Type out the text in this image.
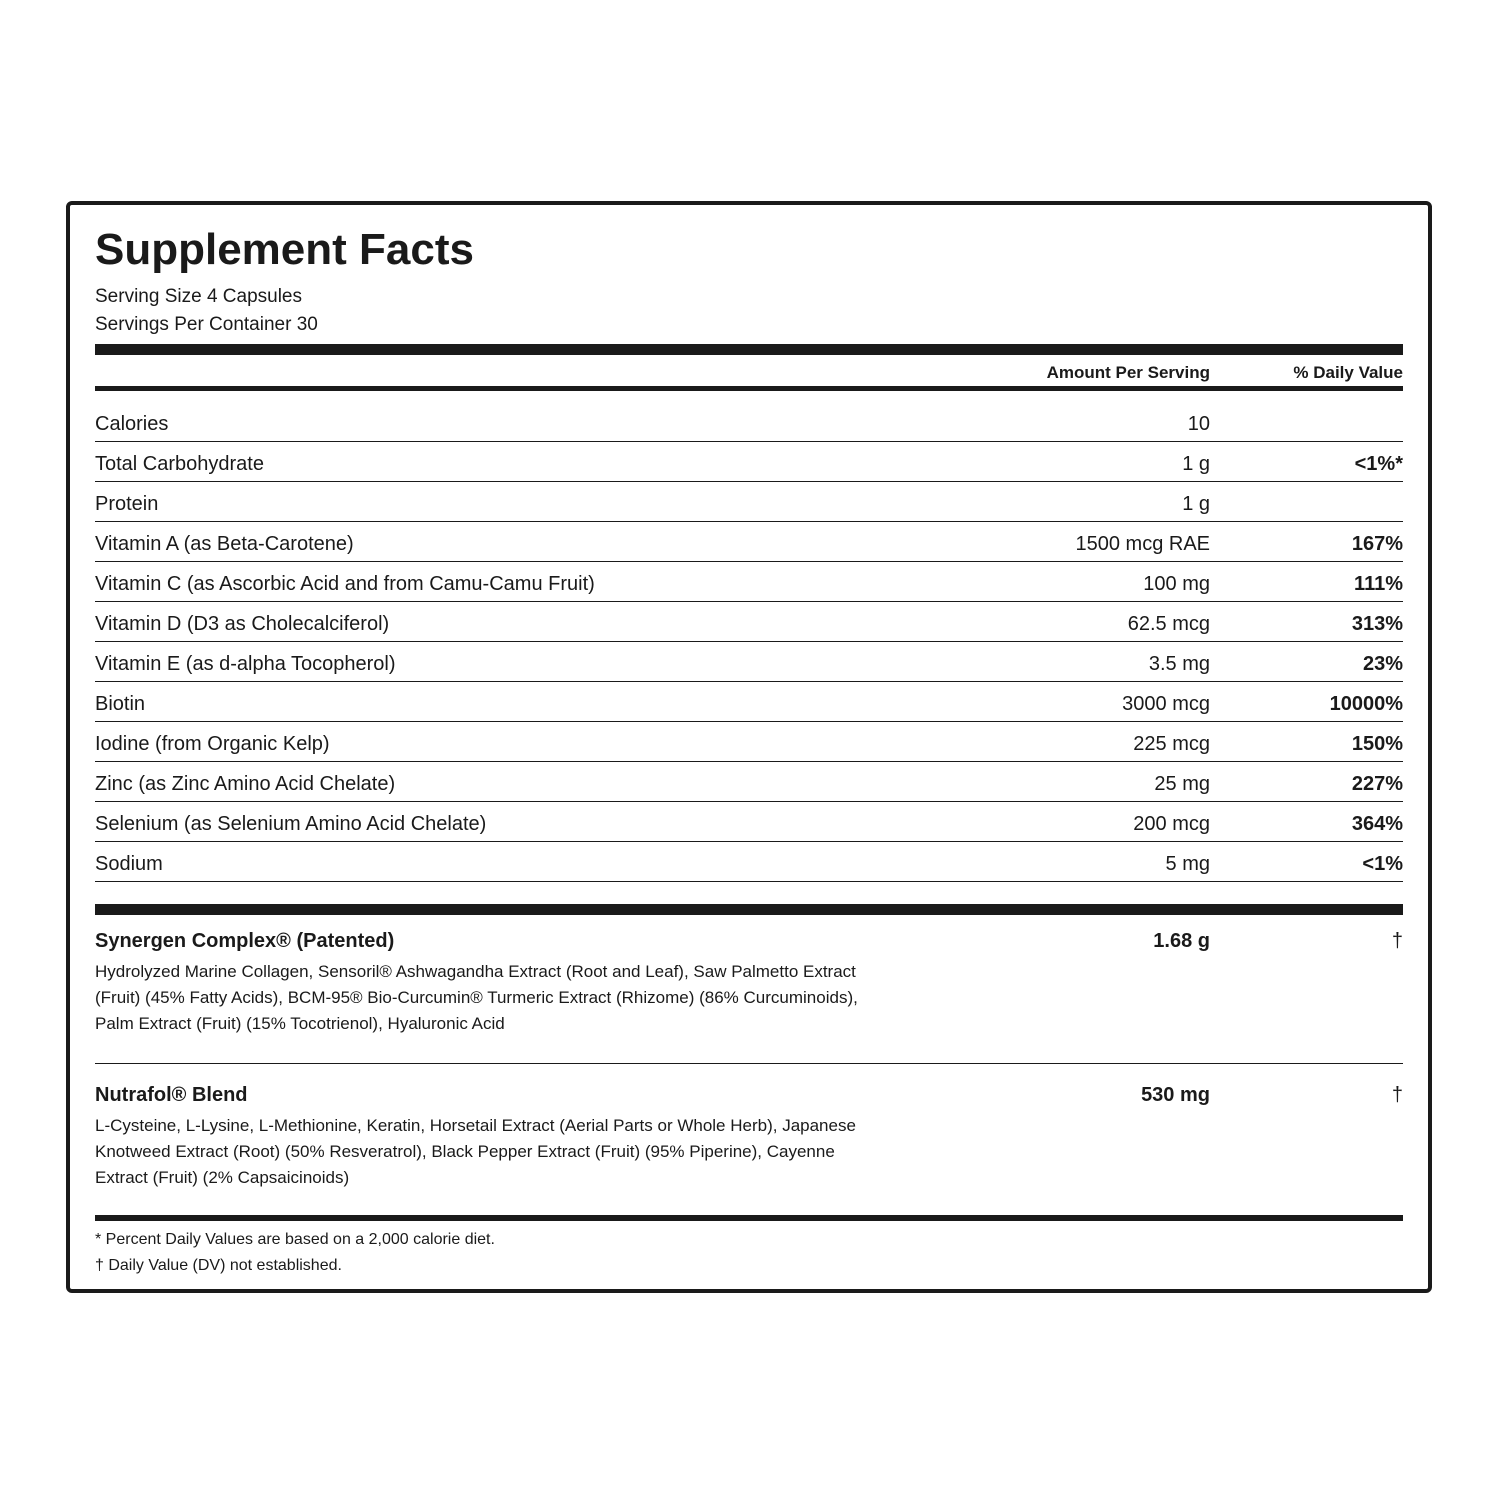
Supplement Facts
Serving Size 4 Capsules
Servings Per Container 30
Amount Per Serving	% Daily Value
Calories	10
Total Carbohydrate	1 g	<1%*
Protein	1 g
Vitamin A (as Beta-Carotene)	1500 mcg RAE	167%
Vitamin C (as Ascorbic Acid and from Camu-Camu Fruit)	100 mg	111%
Vitamin D (D3 as Cholecalciferol)	62.5 mcg	313%
Vitamin E (as d-alpha Tocopherol)	3.5 mg	23%
Biotin	3000 mcg	10000%
Iodine (from Organic Kelp)	225 mcg	150%
Zinc (as Zinc Amino Acid Chelate)	25 mg	227%
Selenium (as Selenium Amino Acid Chelate)	200 mcg	364%
Sodium	5 mg	<1%
Synergen Complex® (Patented)	1.68 g	†
Hydrolyzed Marine Collagen, Sensoril® Ashwagandha Extract (Root and Leaf), Saw Palmetto Extract (Fruit) (45% Fatty Acids), BCM-95® Bio-Curcumin® Turmeric Extract (Rhizome) (86% Curcuminoids), Palm Extract (Fruit) (15% Tocotrienol), Hyaluronic Acid
Nutrafol® Blend	530 mg	†
L-Cysteine, L-Lysine, L-Methionine, Keratin, Horsetail Extract (Aerial Parts or Whole Herb), Japanese Knotweed Extract (Root) (50% Resveratrol), Black Pepper Extract (Fruit) (95% Piperine), Cayenne Extract (Fruit) (2% Capsaicinoids)
* Percent Daily Values are based on a 2,000 calorie diet.
† Daily Value (DV) not established.
